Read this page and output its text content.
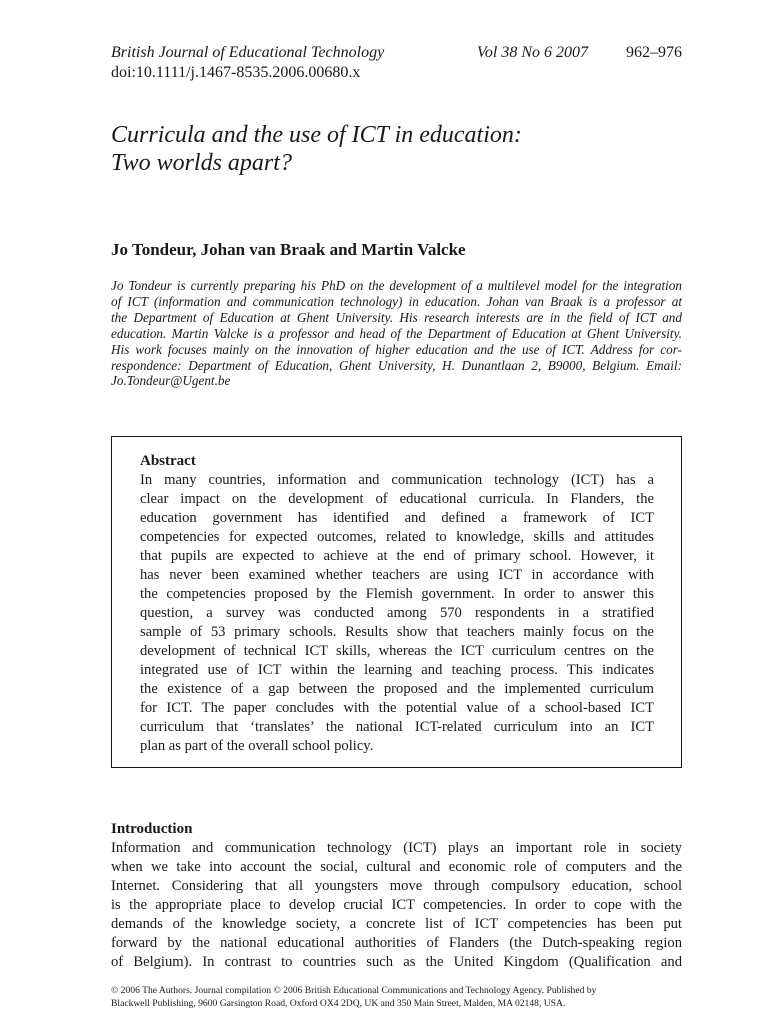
British Journal of Educational Technology	Vol 38 No 6 2007	962–976
doi:10.1111/j.1467-8535.2006.00680.x
Curricula and the use of ICT in education:
Two worlds apart?
Jo Tondeur, Johan van Braak and Martin Valcke
Jo Tondeur is currently preparing his PhD on the development of a multilevel model for the integration
of ICT (information and communication technology) in education. Johan van Braak is a professor at
the Department of Education at Ghent University. His research interests are in the field of ICT and
education. Martin Valcke is a professor and head of the Department of Education at Ghent University.
His work focuses mainly on the innovation of higher education and the use of ICT. Address for cor-
respondence: Department of Education, Ghent University, H. Dunantlaan 2, B9000, Belgium. Email:
Jo.Tondeur@Ugent.be
Abstract
In many countries, information and communication technology (ICT) has a
clear impact on the development of educational curricula. In Flanders, the
education government has identified and defined a framework of ICT
competencies for expected outcomes, related to knowledge, skills and attitudes
that pupils are expected to achieve at the end of primary school. However, it
has never been examined whether teachers are using ICT in accordance with
the competencies proposed by the Flemish government. In order to answer this
question, a survey was conducted among 570 respondents in a stratified
sample of 53 primary schools. Results show that teachers mainly focus on the
development of technical ICT skills, whereas the ICT curriculum centres on the
integrated use of ICT within the learning and teaching process. This indicates
the existence of a gap between the proposed and the implemented curriculum
for ICT. The paper concludes with the potential value of a school-based ICT
curriculum that ‘translates’ the national ICT-related curriculum into an ICT
plan as part of the overall school policy.
Introduction
Information and communication technology (ICT) plays an important role in society
when we take into account the social, cultural and economic role of computers and the
Internet. Considering that all youngsters move through compulsory education, school
is the appropriate place to develop crucial ICT competencies. In order to cope with the
demands of the knowledge society, a concrete list of ICT competencies has been put
forward by the national educational authorities of Flanders (the Dutch-speaking region
of Belgium). In contrast to countries such as the United Kingdom (Qualification and
© 2006 The Authors. Journal compilation © 2006 British Educational Communications and Technology Agency. Published by
Blackwell Publishing, 9600 Garsington Road, Oxford OX4 2DQ, UK and 350 Main Street, Malden, MA 02148, USA.
